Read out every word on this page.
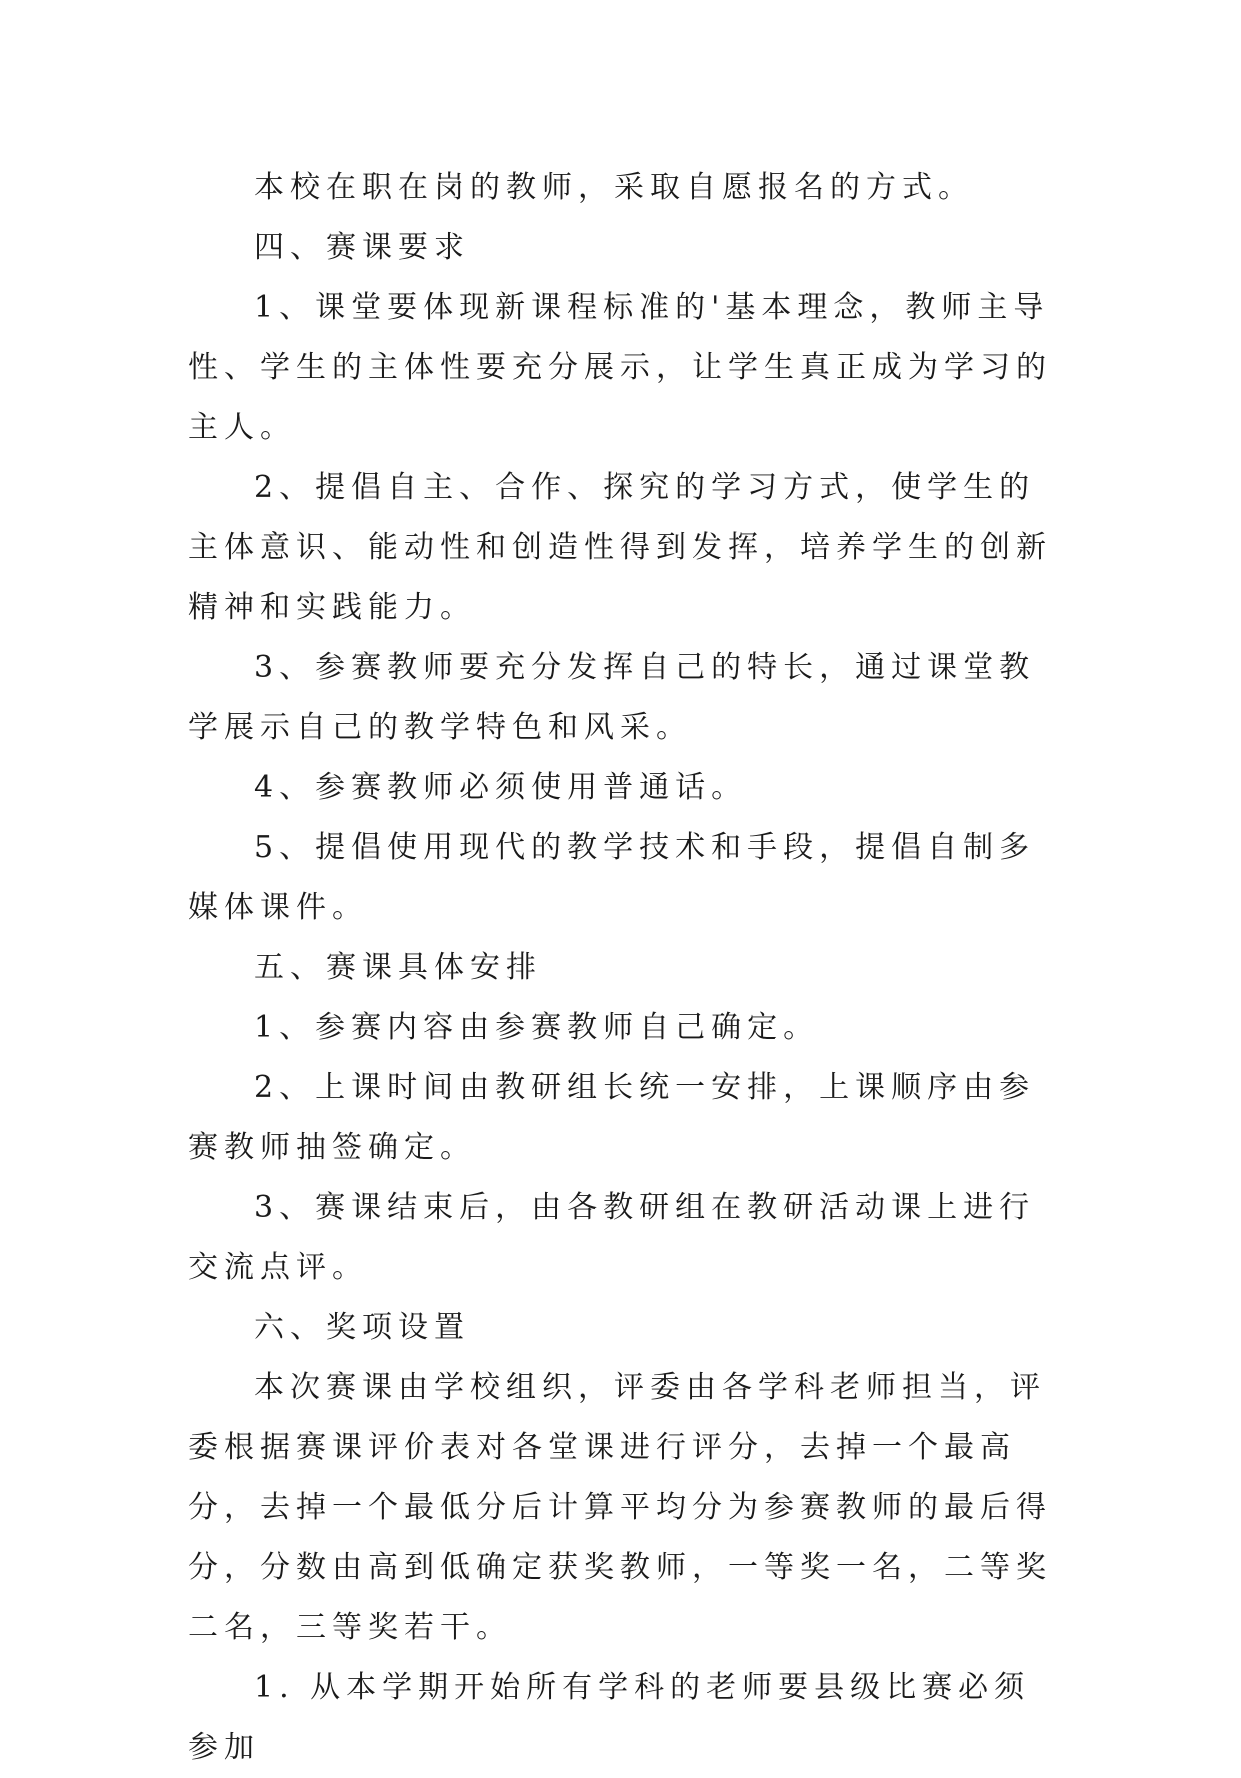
本校在职在岗的教师，采取自愿报名的方式。

四、赛课要求

1、课堂要体现新课程标准的'基本理念，教师主导性、学生的主体性要充分展示，让学生真正成为学习的主人。

2、提倡自主、合作、探究的学习方式，使学生的主体意识、能动性和创造性得到发挥，培养学生的创新精神和实践能力。

3、参赛教师要充分发挥自己的特长，通过课堂教学展示自己的教学特色和风采。

4、参赛教师必须使用普通话。

5、提倡使用现代的教学技术和手段，提倡自制多媒体课件。

五、赛课具体安排

1、参赛内容由参赛教师自己确定。

2、上课时间由教研组长统一安排，上课顺序由参赛教师抽签确定。

3、赛课结束后，由各教研组在教研活动课上进行交流点评。

六、奖项设置

本次赛课由学校组织，评委由各学科老师担当，评委根据赛课评价表对各堂课进行评分，去掉一个最高分，去掉一个最低分后计算平均分为参赛教师的最后得分，分数由高到低确定获奖教师，一等奖一名，二等奖二名，三等奖若干。

1. 从本学期开始所有学科的老师要县级比赛必须参加
